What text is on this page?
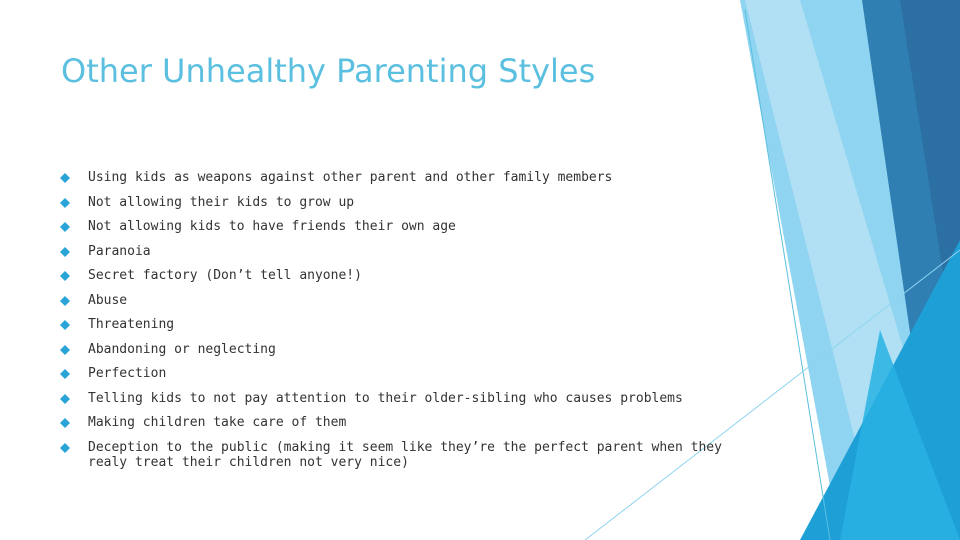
Other Unhealthy Parenting Styles
Using kids as weapons against other parent and other family members
Not allowing their kids to grow up
Not allowing kids to have friends their own age
Paranoia
Secret factory (Don’t tell anyone!)
Abuse
Threatening
Abandoning or neglecting
Perfection
Telling kids to not pay attention to their older-sibling who causes problems
Making children take care of them
Deception to the public (making it seem like they’re the perfect parent when they realy treat their children not very nice)
